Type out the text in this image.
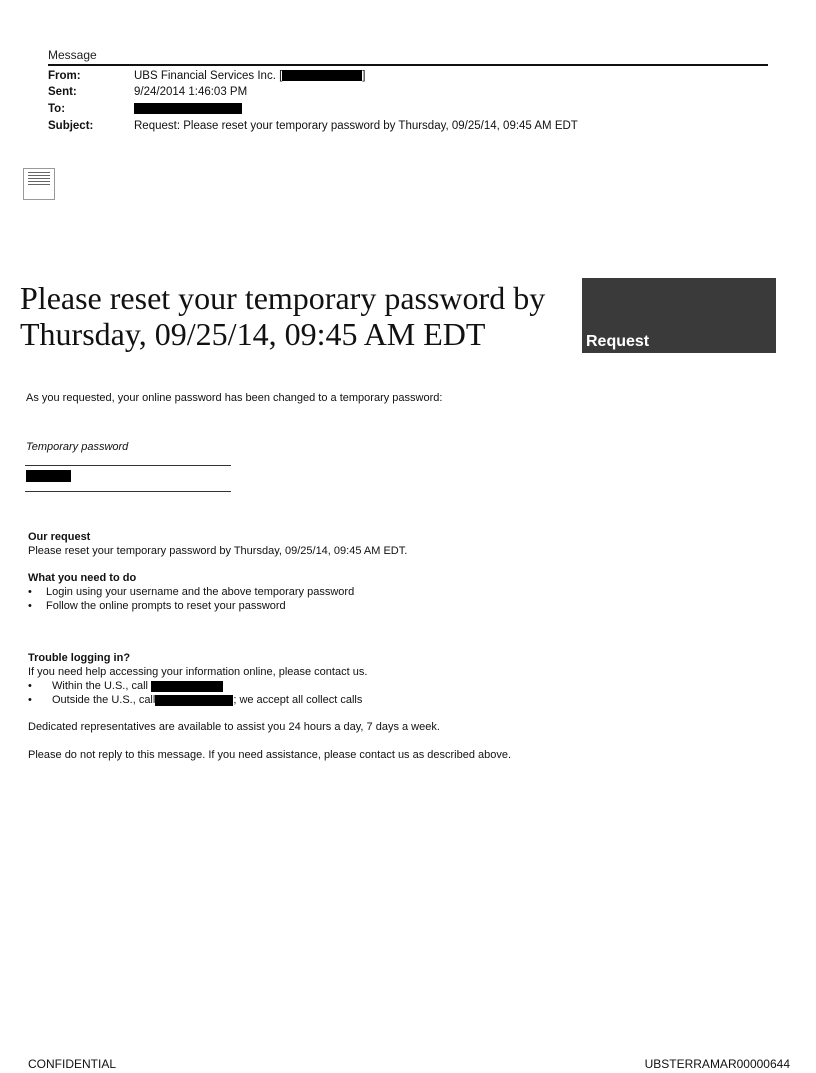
Message
From:	UBS Financial Services Inc. [	]
Sent:	9/24/2014 1:46:03 PM
To:
Subject:	Request: Please reset your temporary password by Thursday, 09/25/14, 09:45 AM EDT
Please reset your temporary password by Thursday, 09/25/14, 09:45 AM EDT	Request
As you requested, your online password has been changed to a temporary password:
Temporary password
Our request
Please reset your temporary password by Thursday, 09/25/14, 09:45 AM EDT.
What you need to do
• Login using your username and the above temporary password
• Follow the online prompts to reset your password
Trouble logging in?
If you need help accessing your information online, please contact us.
• Within the U.S., call
• Outside the U.S., call	; we accept all collect calls
Dedicated representatives are available to assist you 24 hours a day, 7 days a week.
Please do not reply to this message. If you need assistance, please contact us as described above.
CONFIDENTIAL	UBSTERRAMAR00000644
